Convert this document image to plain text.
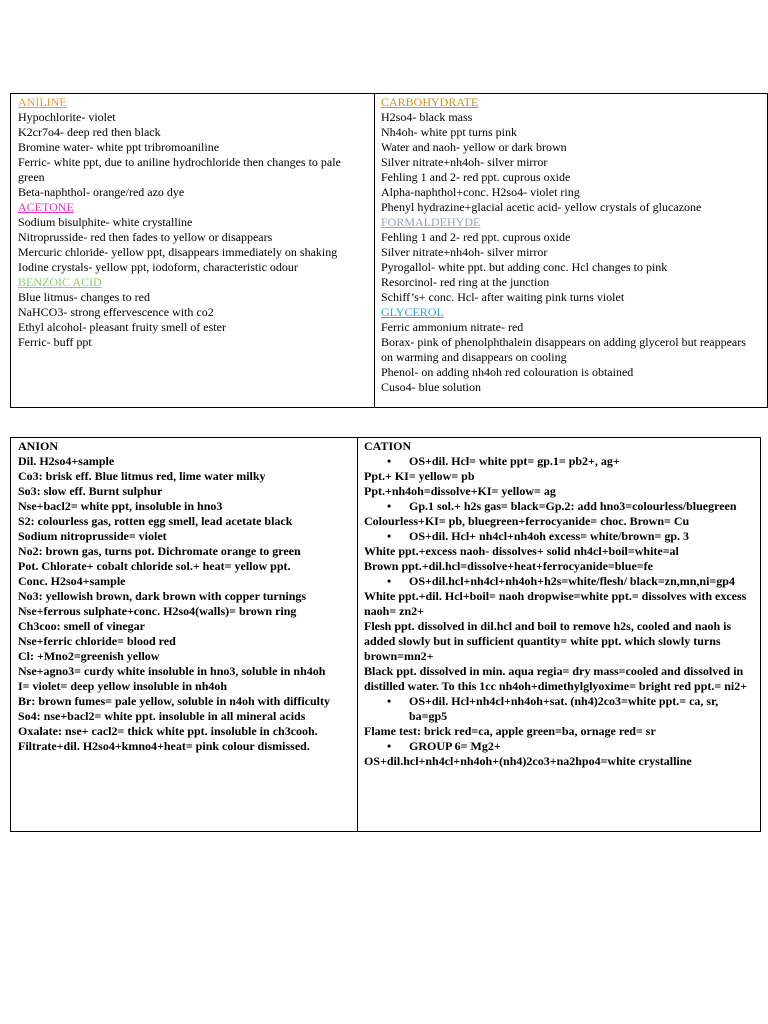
ANILINE
Hypochlorite- violet
K2cr7o4- deep red then black
Bromine water- white ppt tribromoaniline
Ferric- white ppt, due to aniline hydrochloride then changes to pale green
Beta-naphthol- orange/red azo dye
ACETONE
Sodium bisulphite- white crystalline
Nitroprusside- red then fades to yellow or disappears
Mercuric chloride- yellow ppt, disappears immediately on shaking
Iodine crystals- yellow ppt, iodoform, characteristic odour
BENZOIC ACID
Blue litmus- changes to red
NaHCO3- strong effervescence with co2
Ethyl alcohol- pleasant fruity smell of ester
Ferric- buff ppt
CARBOHYDRATE
H2so4- black mass
Nh4oh- white ppt turns pink
Water and naoh- yellow or dark brown
Silver nitrate+nh4oh- silver mirror
Fehling 1 and 2- red ppt. cuprous oxide
Alpha-naphthol+conc. H2so4- violet ring
Phenyl hydrazine+glacial acetic acid- yellow crystals of glucazone
FORMALDEHYDE
Fehling 1 and 2- red ppt. cuprous oxide
Silver nitrate+nh4oh- silver mirror
Pyrogallol- white ppt. but adding conc. Hcl changes to pink
Resorcinol- red ring at the junction
Schiff’s+ conc. Hcl- after waiting pink turns violet
GLYCEROL
Ferric ammonium nitrate- red
Borax- pink of phenolphthalein disappears on adding glycerol but reappears on warming and disappears on cooling
Phenol- on adding nh4oh red colouration is obtained
Cuso4- blue solution
ANION
Dil. H2so4+sample
Co3: brisk eff. Blue litmus red, lime water milky
So3: slow eff. Burnt sulphur
Nse+bacl2= white ppt, insoluble in hno3
S2: colourless gas, rotten egg smell, lead acetate black
Sodium nitroprusside= violet
No2: brown gas, turns pot. Dichromate orange to green
Pot. Chlorate+ cobalt chloride sol.+ heat= yellow ppt.
Conc. H2so4+sample
No3: yellowish brown, dark brown with copper turnings
Nse+ferrous sulphate+conc. H2so4(walls)= brown ring
Ch3coo: smell of vinegar
Nse+ferric chloride= blood red
Cl: +Mno2=greenish yellow
Nse+agno3= curdy white insoluble in hno3, soluble in nh4oh
I= violet= deep yellow insoluble in nh4oh
Br: brown fumes= pale yellow, soluble in n4oh with difficulty
So4: nse+bacl2= white ppt. insoluble in all mineral acids
Oxalate: nse+ cacl2= thick white ppt. insoluble in ch3cooh.
Filtrate+dil. H2so4+kmno4+heat= pink colour dismissed.
CATION
• OS+dil. Hcl= white ppt= gp.1= pb2+, ag+
Ppt.+ KI= yellow= pb
Ppt.+nh4oh=dissolve+KI= yellow= ag
• Gp.1 sol.+ h2s gas= black=Gp.2: add hno3=colourless/bluegreen
Colourless+KI= pb, bluegreen+ferrocyanide= choc. Brown= Cu
• OS+dil. Hcl+ nh4cl+nh4oh excess= white/brown= gp. 3
White ppt.+excess naoh- dissolves+ solid nh4cl+boil=white=al
Brown ppt.+dil.hcl=dissolve+heat+ferrocyanide=blue=fe
• OS+dil.hcl+nh4cl+nh4oh+h2s=white/flesh/ black=zn,mn,ni=gp4
White ppt.+dil. Hcl+boil= naoh dropwise=white ppt.= dissolves with excess naoh= zn2+
Flesh ppt. dissolved in dil.hcl and boil to remove h2s, cooled and naoh is added slowly but in sufficient quantity= white ppt. which slowly turns brown=mn2+
Black ppt. dissolved in min. aqua regia= dry mass=cooled and dissolved in distilled water. To this 1cc nh4oh+dimethylglyoxime= bright red ppt.= ni2+
• OS+dil. Hcl+nh4cl+nh4oh+sat. (nh4)2co3=white ppt.= ca, sr, ba=gp5
Flame test: brick red=ca, apple green=ba, ornage red= sr
• GROUP 6= Mg2+
OS+dil.hcl+nh4cl+nh4oh+(nh4)2co3+na2hpo4=white crystalline
